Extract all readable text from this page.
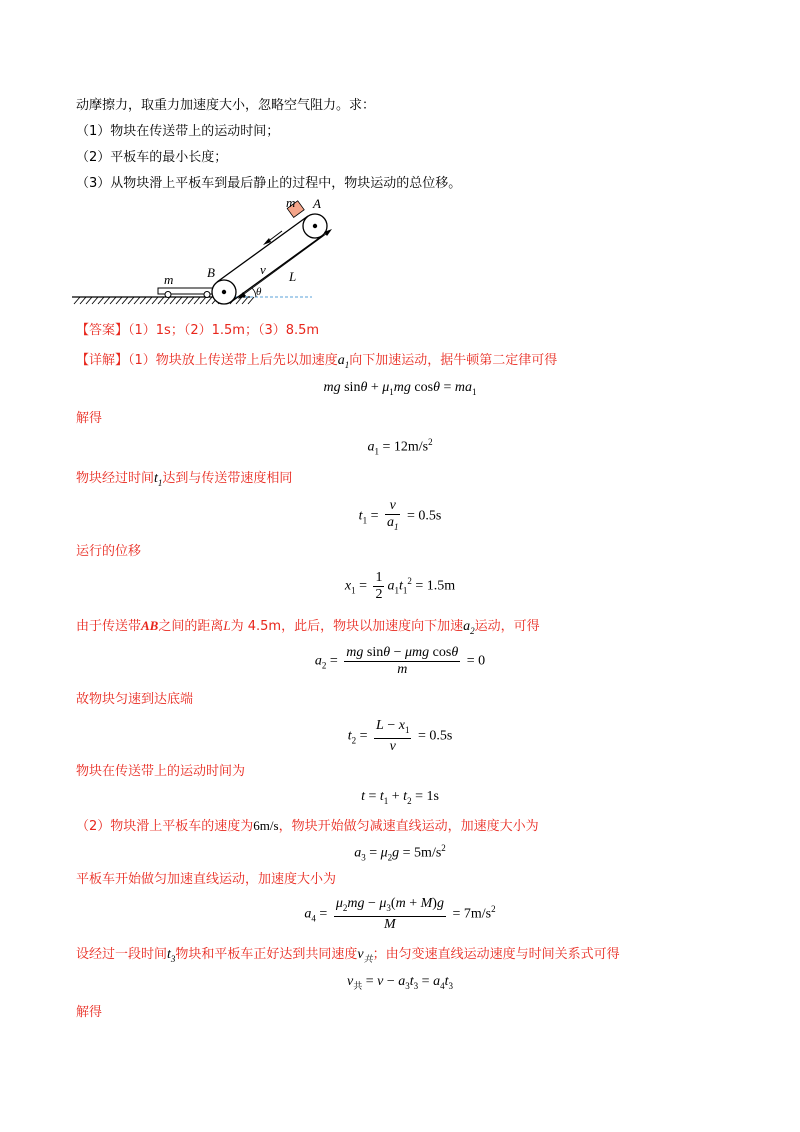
动摩擦力，取重力加速度大小，忽略空气阻力。求：
（1）物块在传送带上的运动时间；
（2）平板车的最小长度；
（3）从物块滑上平板车到最后静止的过程中，物块运动的总位移。
m A
v L
B
m
θ
【答案】（1）1s；（2）1.5m；（3）8.5m
【详解】（1）物块放上传送带上后先以加速度$a_1$向下加速运动，据牛顿第二定律可得
mg $\sin\theta + \mu_1mg$ $\cos\theta = ma_1$
解得
$a_1 = 12m/s^2$
物块经过时间$t_1$达到与传送带速度相同
$t_1 = \frac{v}{a_1} = 0.5s$
运行的位移
$x_1 = \frac{1}{2} a_1t_1^2 = 1.5m$
由于传送带AB之间的距离L为 4.5m，此后，物块以加速度向下加速$a_2$运动，可得
$a_2 = \frac{\text{mg sinθ − μmg cosθ}}{m} = 0$
故物块匀速到达底端
$t_2 = \frac{L - x_1}{v} = 0.5s$
物块在传送带上的运动时间为
$t = t_1 + t_2 = 1s$
（2）物块滑上平板车的速度为6m/s，物块开始做匀减速直线运动，加速度大小为
$a_3 = \mu_2g = 5m/s^2$
平板车开始做匀加速直线运动，加速度大小为
$a_4 = \frac{\mu_2mg - \mu_3(m + M)g}{M} = 7m/s^2$
设经过一段时间$t_3$物块和平板车正好达到共同速度$v_共$；由匀变速直线运动速度与时间关系式可得
$v_共 = v - a_3t_3 = a_4t_3$
解得
